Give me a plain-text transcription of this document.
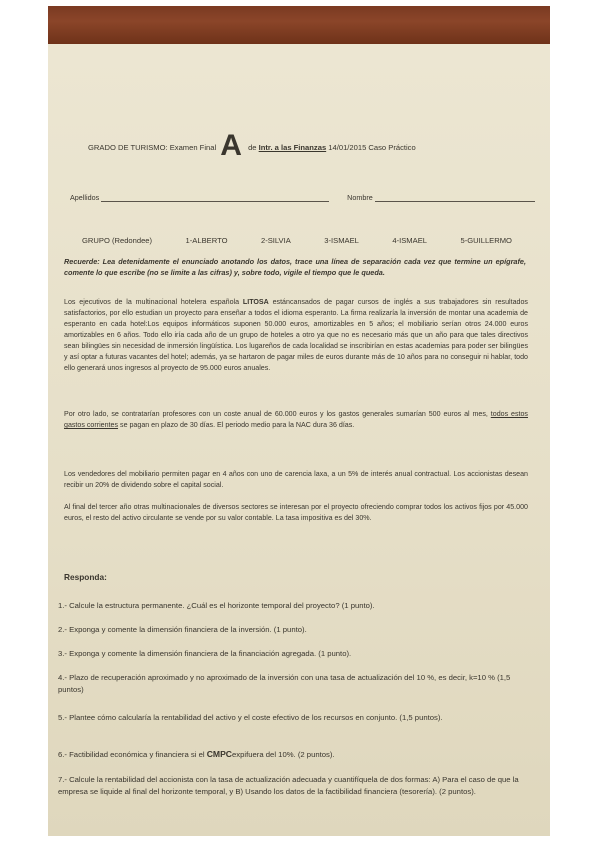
GRADO DE TURISMO: Examen Final A de Intr. a las Finanzas 14/01/2015 Caso Práctico
Apellidos	Nombre
GRUPO (Redondee)	1-ALBERTO	2-SILVIA	3-ISMAEL	4-ISMAEL	5-GUILLERMO
Recuerde: Lea detenidamente el enunciado anotando los datos, trace una línea de separación cada vez que termine un epígrafe, comente lo que escribe (no se limite a las cifras) y, sobre todo, vigile el tiempo que le queda.
Los ejecutivos de la multinacional hotelera española LITOSA estáncansados de pagar cursos de inglés a sus trabajadores sin resultados satisfactorios, por ello estudian un proyecto para enseñar a todos el idioma esperanto. La firma realizaría la inversión de montar una academia de esperanto en cada hotel:Los equipos informáticos suponen 50.000 euros, amortizables en 5 años; el mobiliario serían otros 24.000 euros amortizables en 6 años. Todo ello iría cada año de un grupo de hoteles a otro ya que no es necesario más que un año para que tales directivos sean bilingües sin necesidad de inmersión lingüística. Los lugareños de cada localidad se inscribirían en estas academias para poder ser bilingües y así optar a futuras vacantes del hotel; además, ya se hartaron de pagar miles de euros durante más de 10 años para no conseguir ni hablar, todo ello generará unos ingresos al proyecto de 95.000 euros anuales.
Por otro lado, se contratarían profesores con un coste anual de 60.000 euros y los gastos generales sumarían 500 euros al mes, todos estos gastos corrientes se pagan en plazo de 30 días. El periodo medio para la NAC dura 36 días.
Los vendedores del mobiliario permiten pagar en 4 años con uno de carencia laxa, a un 5% de interés anual contractual. Los accionistas desean recibir un 20% de dividendo sobre el capital social.
Al final del tercer año otras multinacionales de diversos sectores se interesan por el proyecto ofreciendo comprar todos los activos fijos por 45.000 euros, el resto del activo circulante se vende por su valor contable. La tasa impositiva es del 30%.
Responda:
1.- Calcule la estructura permanente. ¿Cuál es el horizonte temporal del proyecto? (1 punto).
2.- Exponga y comente la dimensión financiera de la inversión. (1 punto).
3.- Exponga y comente la dimensión financiera de la financiación agregada. (1 punto).
4.- Plazo de recuperación aproximado y no aproximado de la inversión con una tasa de actualización del 10 %, es decir, k=10 % (1,5 puntos)
5.- Plantee cómo calcularía la rentabilidad del activo y el coste efectivo de los recursos en conjunto. (1,5 puntos).
6.- Factibilidad económica y financiera si el CMPCexpifuera del 10%. (2 puntos).
7.- Calcule la rentabilidad del accionista con la tasa de actualización adecuada y cuantifíquela de dos formas: A) Para el caso de que la empresa se liquide al final del horizonte temporal, y B) Usando los datos de la factibilidad financiera (tesorería). (2 puntos).
